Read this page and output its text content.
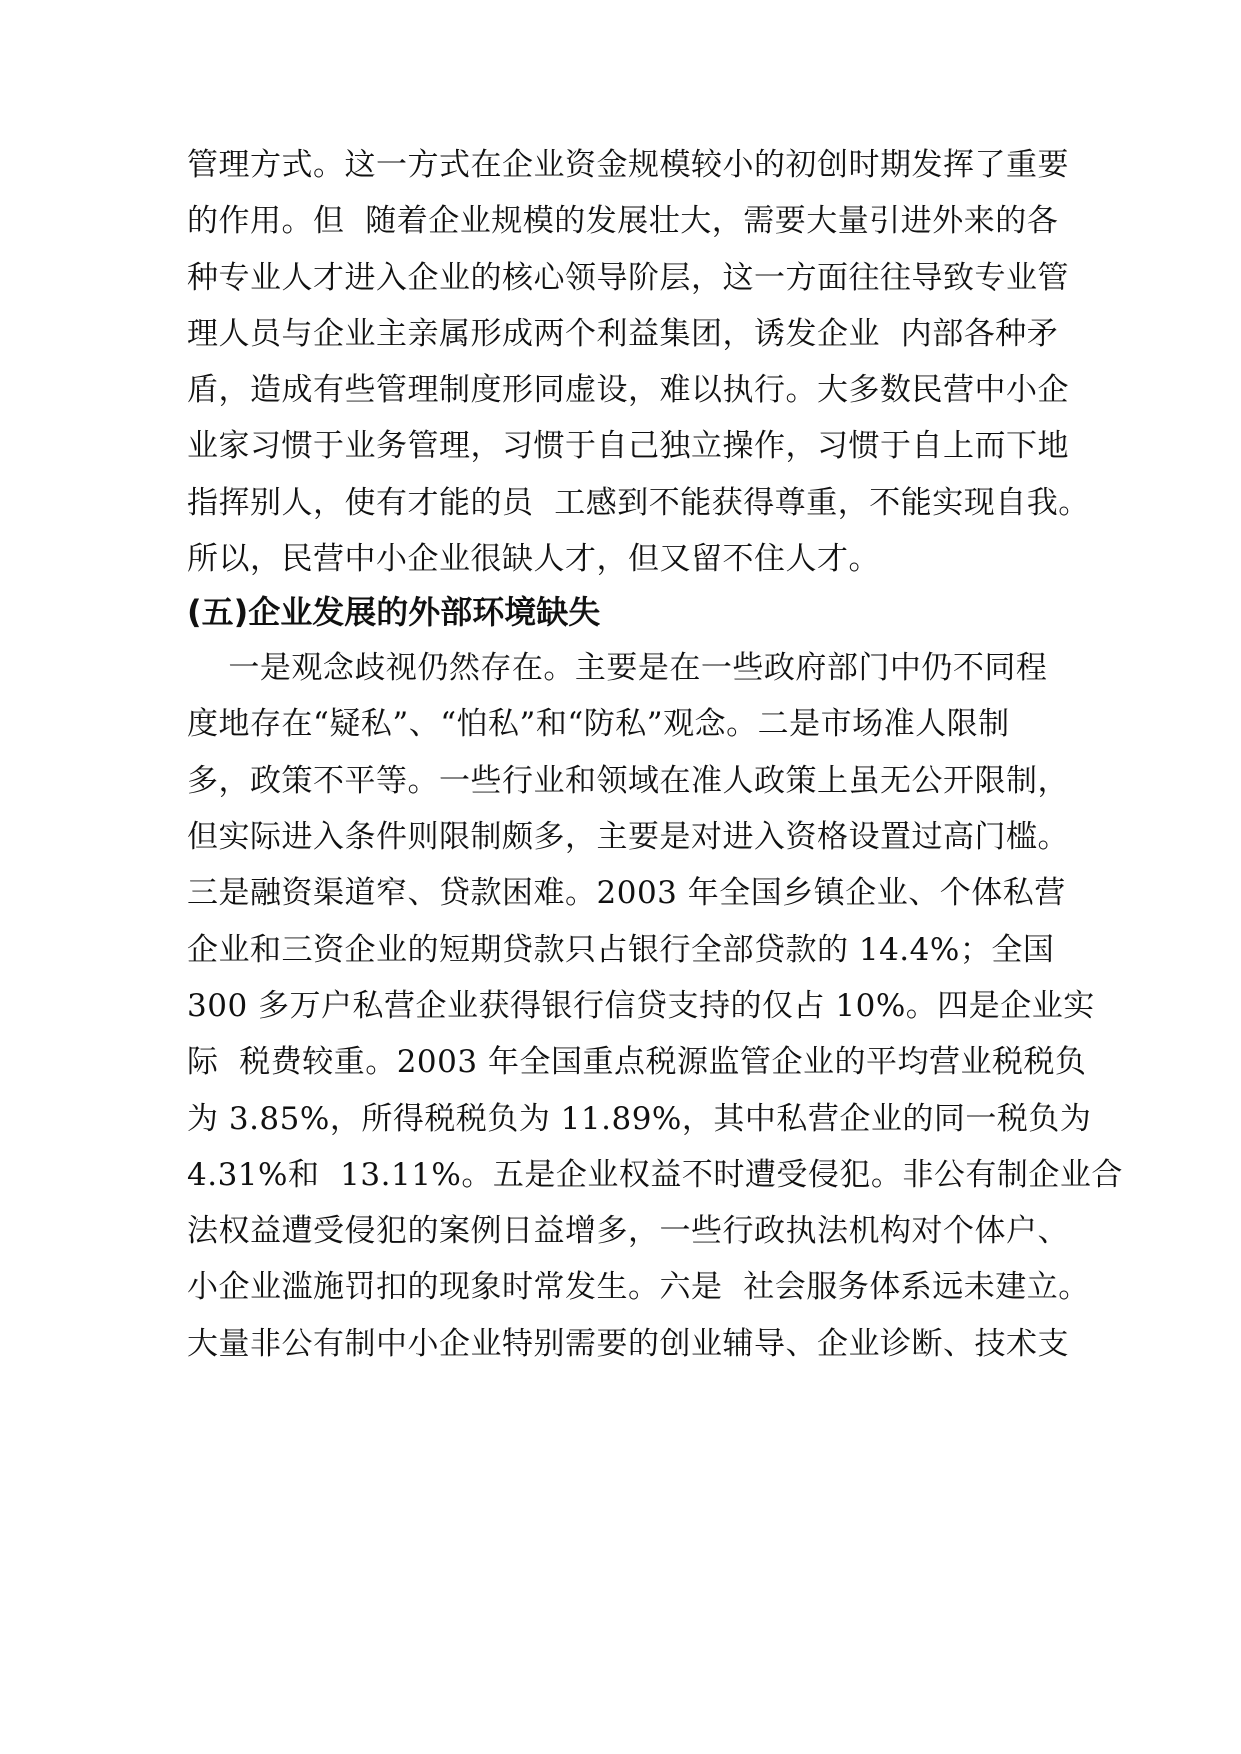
管理方式。这一方式在企业资金规模较小的初创时期发挥了重要
的作用。但  随着企业规模的发展壮大，需要大量引进外来的各
种专业人才进入企业的核心领导阶层，这一方面往往导致专业管
理人员与企业主亲属形成两个利益集团，诱发企业  内部各种矛
盾，造成有些管理制度形同虚设，难以执行。大多数民营中小企
业家习惯于业务管理，习惯于自己独立操作，习惯于自上而下地
指挥别人，使有才能的员  工感到不能获得尊重，不能实现自我。
所以，民营中小企业很缺人才，但又留不住人才。
(五)企业发展的外部环境缺失
一是观念歧视仍然存在。主要是在一些政府部门中仍不同程
度地存在“疑私”、“怕私”和“防私”观念。二是市场准人限制
多，政策不平等。一些行业和领域在准人政策上虽无公开限制，
但实际进入条件则限制颇多，主要是对进入资格设置过高门槛。
三是融资渠道窄、贷款困难。2003 年全国乡镇企业、个体私营
企业和三资企业的短期贷款只占银行全部贷款的 14.4%；全国
300 多万户私营企业获得银行信贷支持的仅占 10%。四是企业实
际  税费较重。2003 年全国重点税源监管企业的平均营业税税负
为 3.85%，所得税税负为 11.89%，其中私营企业的同一税负为
4.31%和  13.11%。五是企业权益不时遭受侵犯。非公有制企业合
法权益遭受侵犯的案例日益增多，一些行政执法机构对个体户、
小企业滥施罚扣的现象时常发生。六是  社会服务体系远未建立。
大量非公有制中小企业特别需要的创业辅导、企业诊断、技术支
